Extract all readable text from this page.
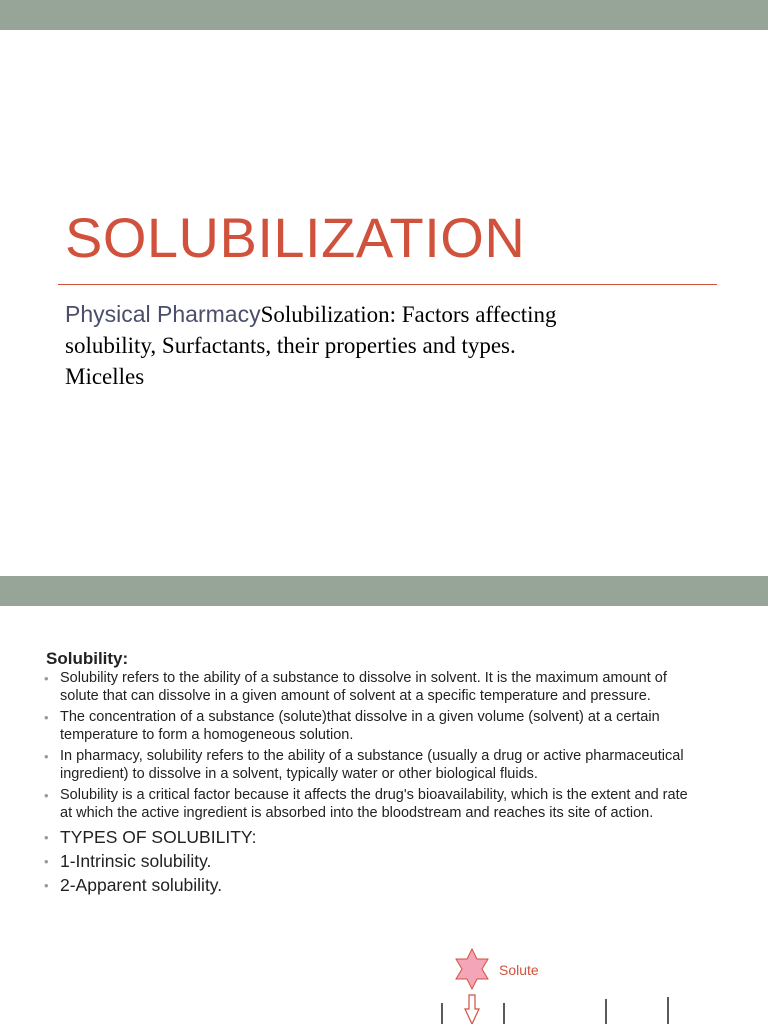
SOLUBILIZATION
Physical PharmacySolubilization: Factors affecting solubility, Surfactants, their properties and types. Micelles
Solubility:
• Solubility refers to the ability of a substance to dissolve in solvent. It is the maximum amount of solute that can dissolve in a given amount of solvent at a specific temperature and pressure.
• The concentration of a substance (solute)that dissolve in a given volume (solvent) at a certain temperature to form a homogeneous solution.
• In pharmacy, solubility refers to the ability of a substance (usually a drug or active pharmaceutical ingredient) to dissolve in a solvent, typically water or other biological fluids.
• Solubility is a critical factor because it affects the drug's bioavailability, which is the extent and rate at which the active ingredient is absorbed into the bloodstream and reaches its site of action.
• TYPES OF SOLUBILITY:
• 1-Intrinsic solubility.
• 2-Apparent solubility.
Solute
